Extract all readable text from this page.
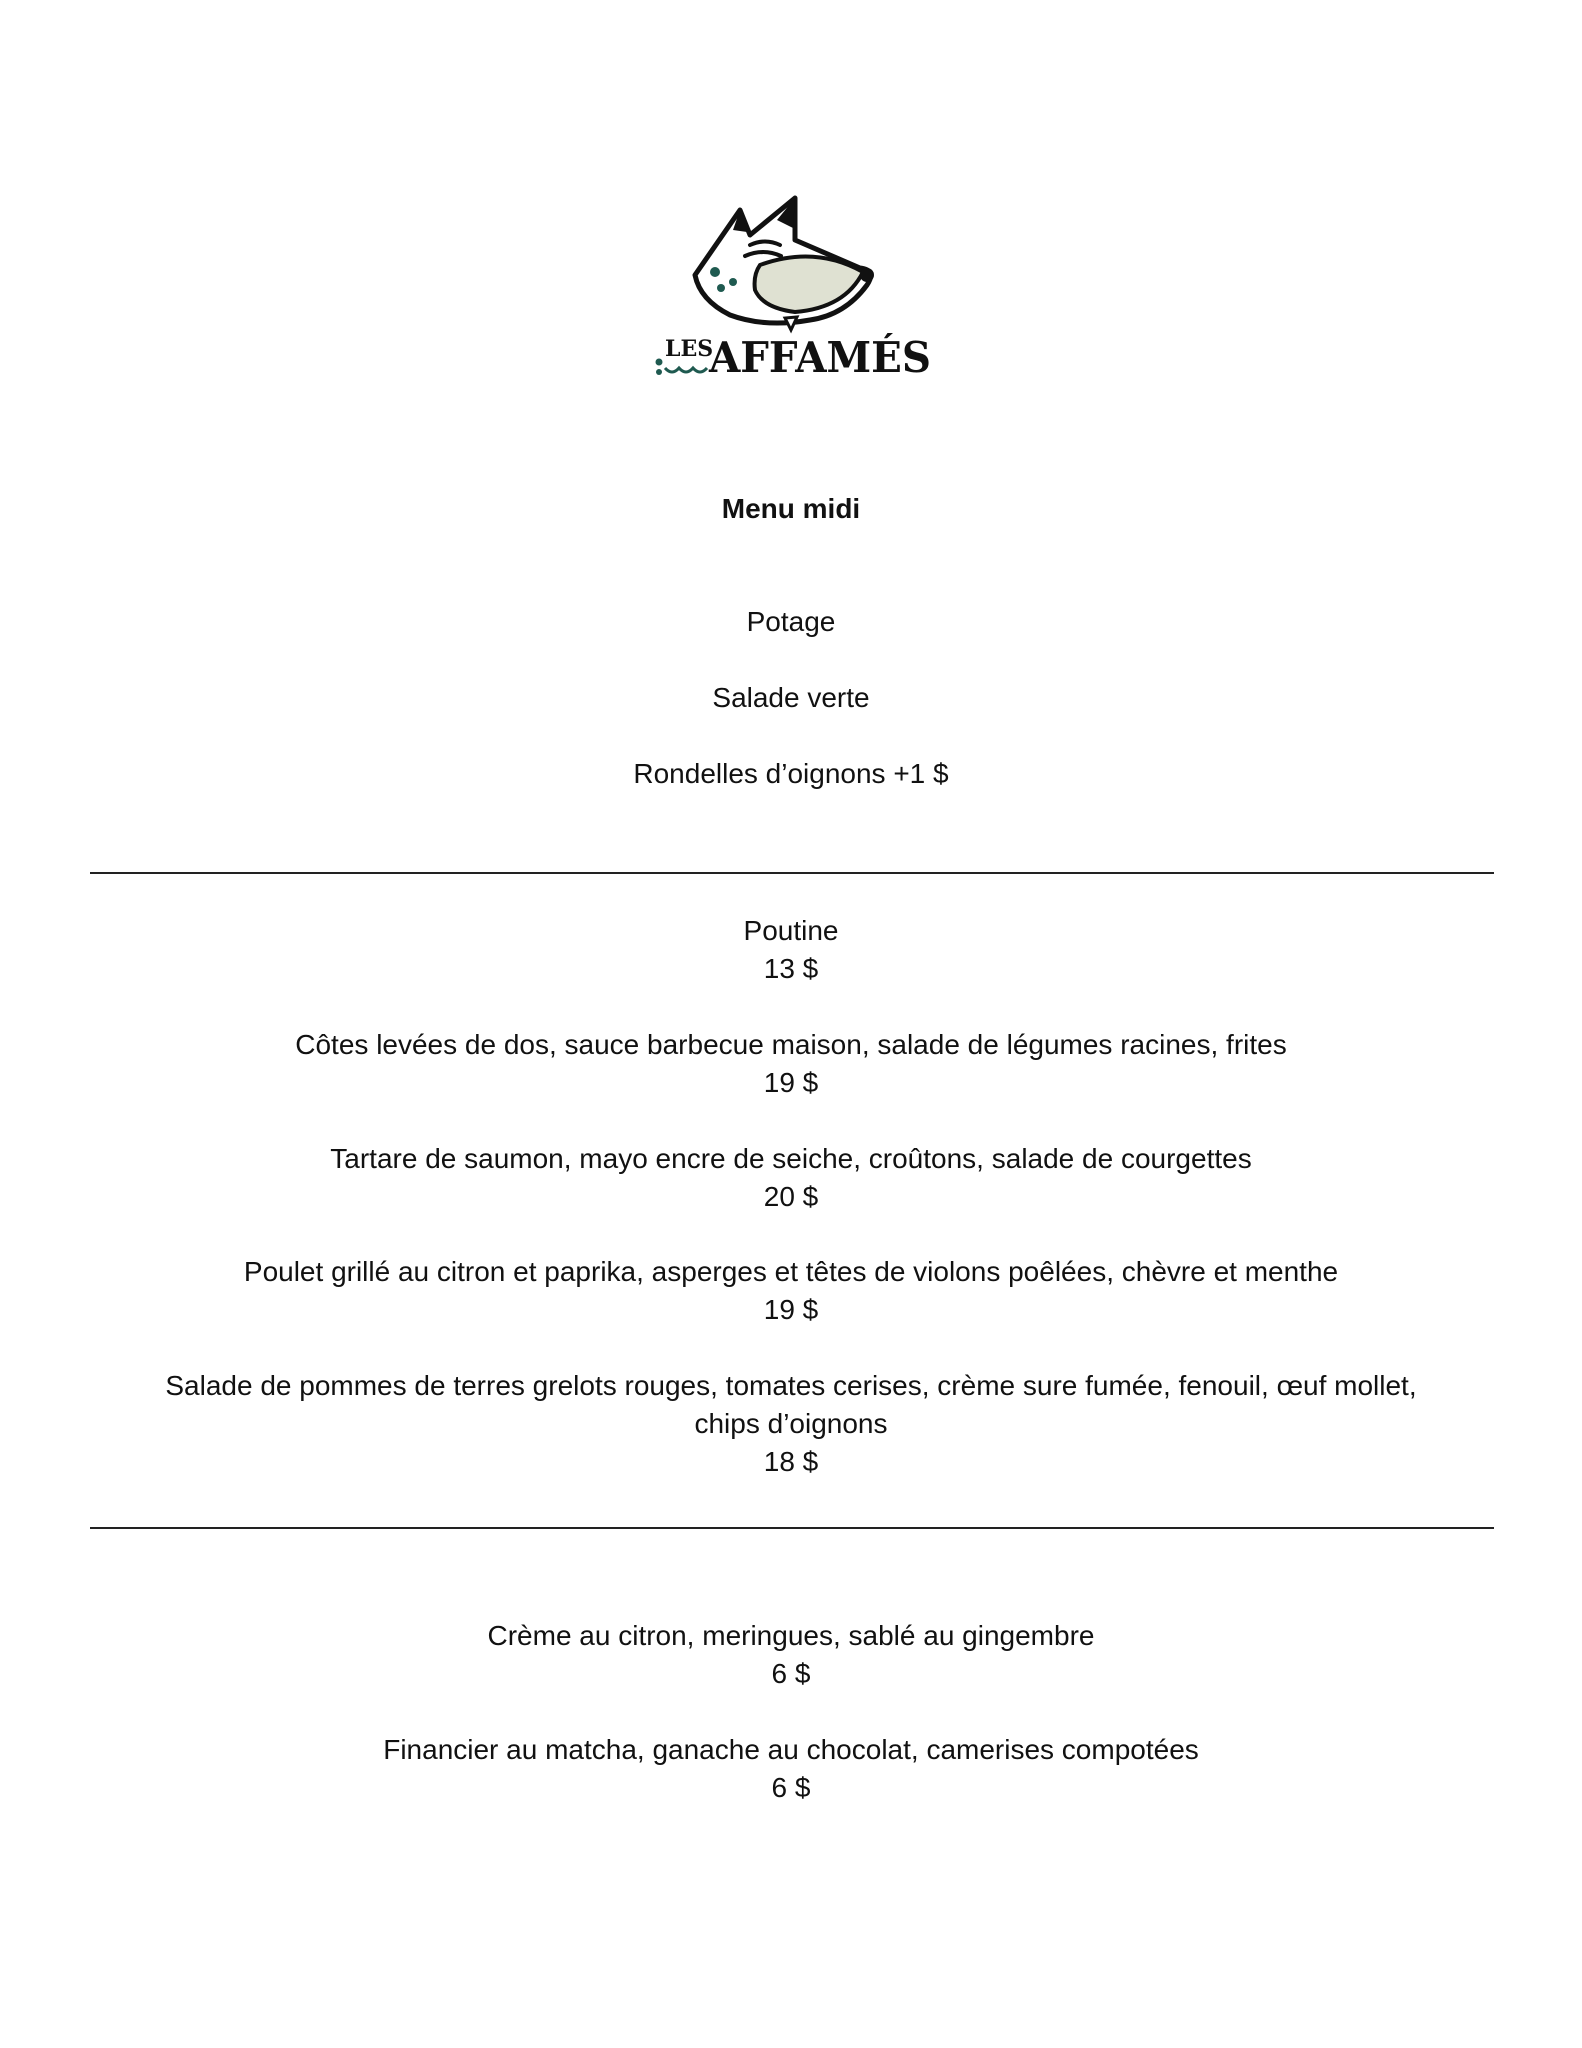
LES
AFFAMÉS
Menu midi
Potage
Salade verte
Rondelles d’oignons +1 $
Poutine
13 $
Côtes levées de dos, sauce barbecue maison, salade de légumes racines, frites
19 $
Tartare de saumon, mayo encre de seiche, croûtons, salade de courgettes
20 $
Poulet grillé au citron et paprika, asperges et têtes de violons poêlées, chèvre et menthe
19 $
Salade de pommes de terres grelots rouges, tomates cerises, crème sure fumée, fenouil, œuf mollet,
chips d’oignons
18 $
Crème au citron, meringues, sablé au gingembre
6 $
Financier au matcha, ganache au chocolat, camerises compotées
6 $
